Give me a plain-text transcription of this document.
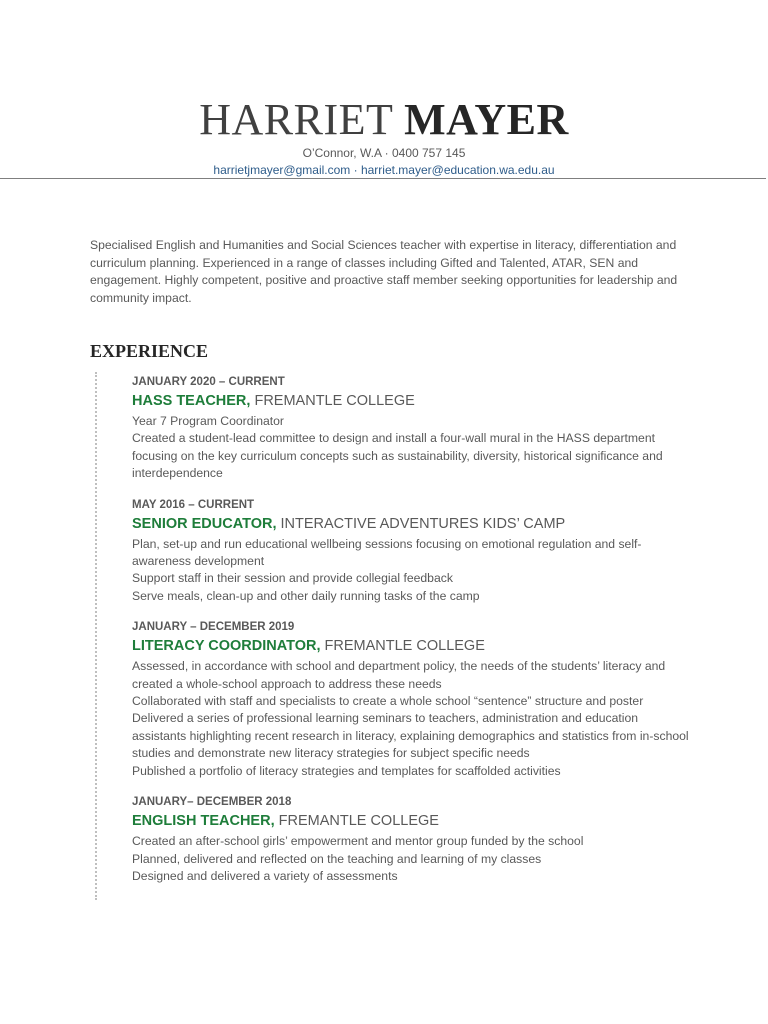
HARRIET MAYER
O’Connor, W.A · 0400 757 145
harrietjmayer@gmail.com · harriet.mayer@education.wa.edu.au
Specialised English and Humanities and Social Sciences teacher with expertise in literacy, differentiation and curriculum planning. Experienced in a range of classes including Gifted and Talented, ATAR, SEN and engagement. Highly competent, positive and proactive staff member seeking opportunities for leadership and community impact.
EXPERIENCE
JANUARY 2020 – CURRENT
HASS TEACHER, FREMANTLE COLLEGE
Year 7 Program Coordinator
Created a student-lead committee to design and install a four-wall mural in the HASS department focusing on the key curriculum concepts such as sustainability, diversity, historical significance and interdependence
MAY 2016 – CURRENT
SENIOR EDUCATOR, INTERACTIVE ADVENTURES KIDS’ CAMP
Plan, set-up and run educational wellbeing sessions focusing on emotional regulation and self-awareness development
Support staff in their session and provide collegial feedback
Serve meals, clean-up and other daily running tasks of the camp
JANUARY – DECEMBER 2019
LITERACY COORDINATOR, FREMANTLE COLLEGE
Assessed, in accordance with school and department policy, the needs of the students’ literacy and created a whole-school approach to address these needs
Collaborated with staff and specialists to create a whole school “sentence” structure and poster
Delivered a series of professional learning seminars to teachers, administration and education assistants highlighting recent research in literacy, explaining demographics and statistics from in-school studies and demonstrate new literacy strategies for subject specific needs
Published a portfolio of literacy strategies and templates for scaffolded activities
JANUARY– DECEMBER 2018
ENGLISH TEACHER, FREMANTLE COLLEGE
Created an after-school girls’ empowerment and mentor group funded by the school
Planned, delivered and reflected on the teaching and learning of my classes
Designed and delivered a variety of assessments
